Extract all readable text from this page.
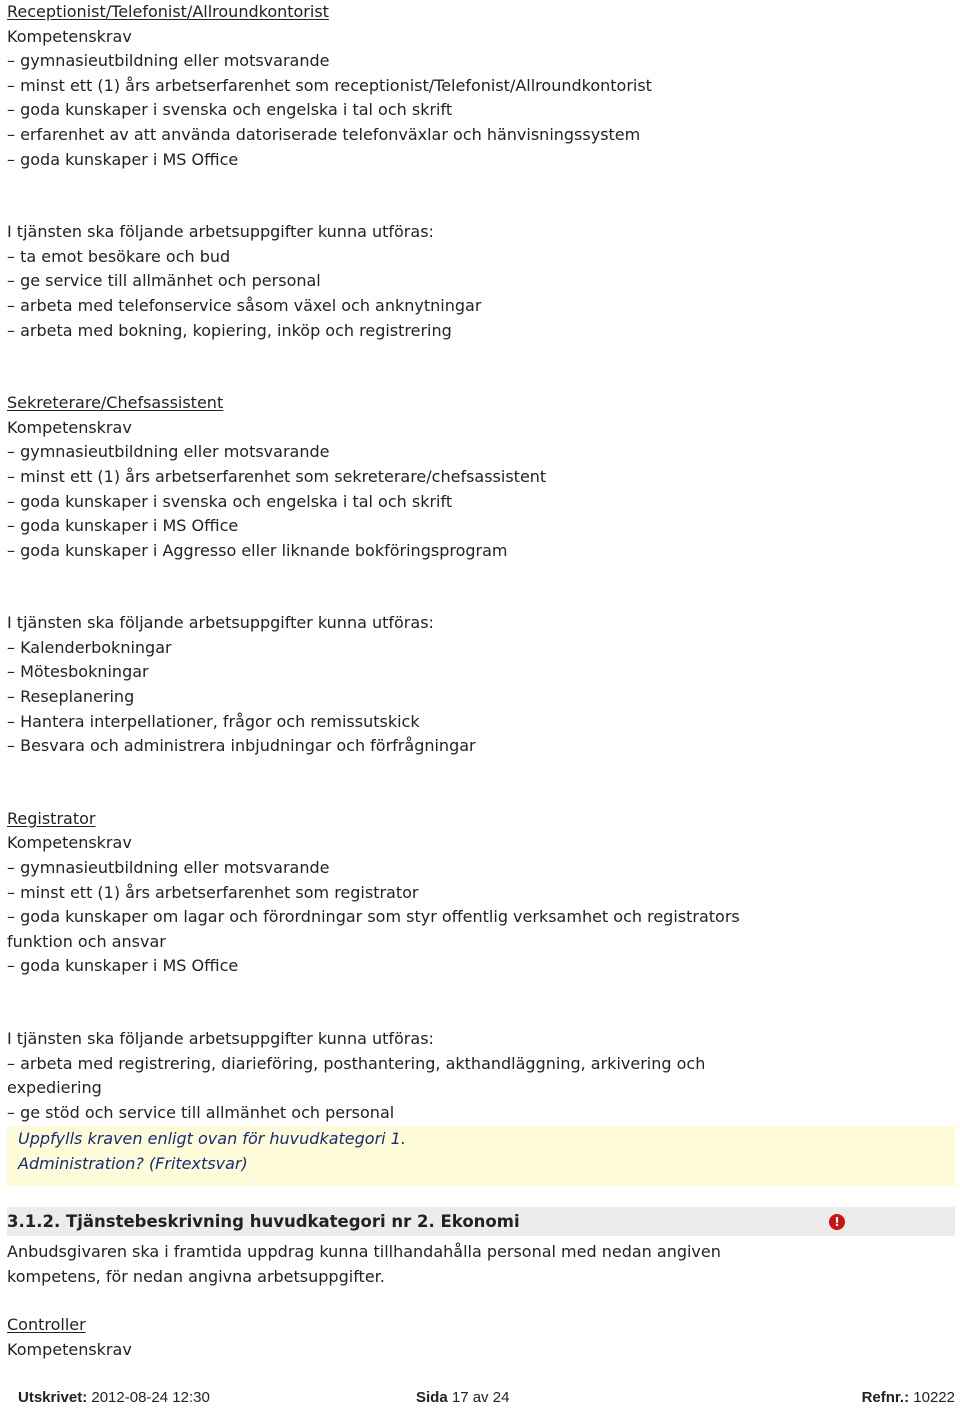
Receptionist/Telefonist/Allroundkontorist
Kompetenskrav
– gymnasieutbildning eller motsvarande
– minst ett (1) års arbetserfarenhet som receptionist/Telefonist/Allroundkontorist
– goda kunskaper i svenska och engelska i tal och skrift
– erfarenhet av att använda datoriserade telefonväxlar och hänvisningssystem
– goda kunskaper i MS Office
I tjänsten ska följande arbetsuppgifter kunna utföras:
– ta emot besökare och bud
– ge service till allmänhet och personal
– arbeta med telefonservice såsom växel och anknytningar
– arbeta med bokning, kopiering, inköp och registrering
Sekreterare/Chefsassistent
Kompetenskrav
– gymnasieutbildning eller motsvarande
– minst ett (1) års arbetserfarenhet som sekreterare/chefsassistent
– goda kunskaper i svenska och engelska i tal och skrift
– goda kunskaper i MS Office
– goda kunskaper i Aggresso eller liknande bokföringsprogram
I tjänsten ska följande arbetsuppgifter kunna utföras:
– Kalenderbokningar
– Mötesbokningar
– Reseplanering
– Hantera interpellationer, frågor och remissutskick
– Besvara och administrera inbjudningar och förfrågningar
Registrator
Kompetenskrav
– gymnasieutbildning eller motsvarande
– minst ett (1) års arbetserfarenhet som registrator
– goda kunskaper om lagar och förordningar som styr offentlig verksamhet och registrators funktion och ansvar
– goda kunskaper i MS Office
I tjänsten ska följande arbetsuppgifter kunna utföras:
– arbeta med registrering, diarieföring, posthantering, akthandläggning, arkivering och expediering
– ge stöd och service till allmänhet och personal
Uppfylls kraven enligt ovan för huvudkategori 1.
Administration? (Fritextsvar)
3.1.2. Tjänstebeskrivning huvudkategori nr 2. Ekonomi	!
Anbudsgivaren ska i framtida uppdrag kunna tillhandahålla personal med nedan angiven kompetens, för nedan angivna arbetsuppgifter.
Controller
Kompetenskrav
Utskrivet: 2012-08-24 12:30	Sida 17 av 24	Refnr.: 10222
